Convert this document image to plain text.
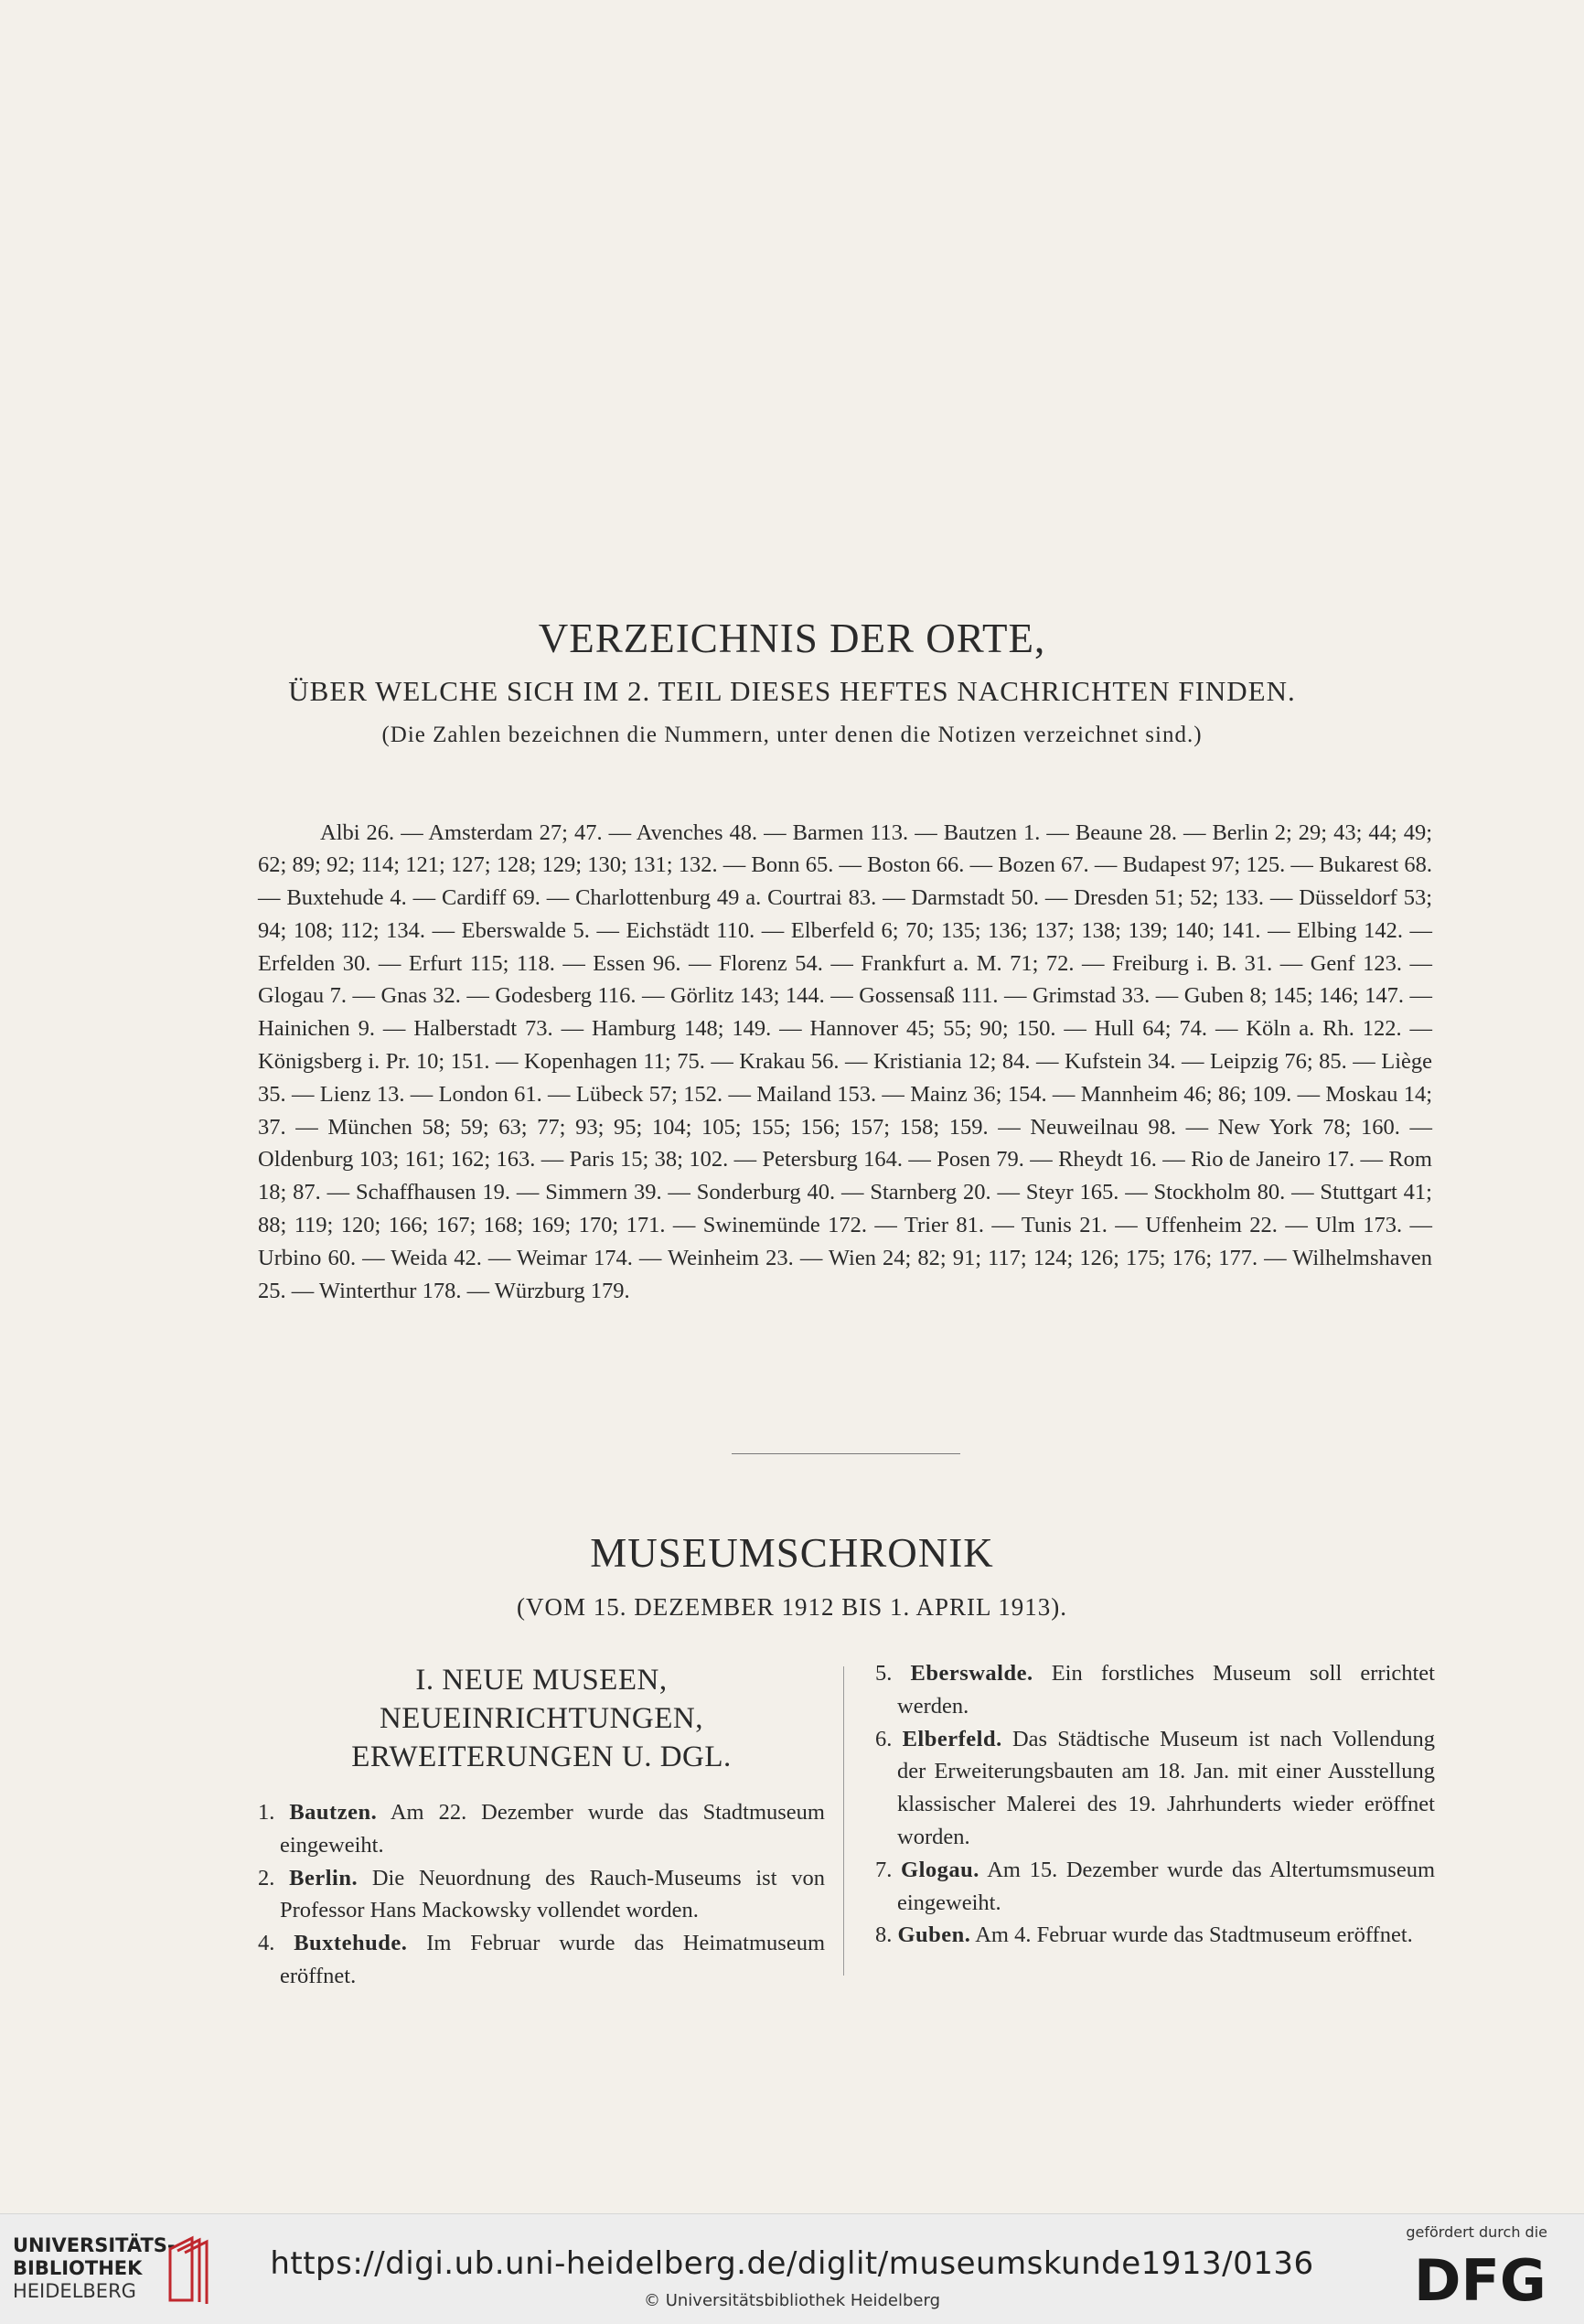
VERZEICHNIS DER ORTE,
ÜBER WELCHE SICH IM 2. TEIL DIESES HEFTES NACHRICHTEN FINDEN.
(Die Zahlen bezeichnen die Nummern, unter denen die Notizen verzeichnet sind.)

Albi 26. — Amsterdam 27; 47. — Avenches 48. — Barmen 113. — Bautzen 1. — Beaune 28. — Berlin 2; 29; 43; 44; 49; 62; 89; 92; 114; 121; 127; 128; 129; 130; 131; 132. — Bonn 65. — Boston 66. — Bozen 67. — Budapest 97; 125. — Bukarest 68. — Buxtehude 4. — Cardiff 69. — Charlottenburg 49 a. Courtrai 83. — Darmstadt 50. — Dresden 51; 52; 133. — Düsseldorf 53; 94; 108; 112; 134. — Eberswalde 5. — Eichstädt 110. — Elberfeld 6; 70; 135; 136; 137; 138; 139; 140; 141. — Elbing 142. — Erfelden 30. — Erfurt 115; 118. — Essen 96. — Florenz 54. — Frankfurt a. M. 71; 72. — Freiburg i. B. 31. — Genf 123. — Glogau 7. — Gnas 32. — Godesberg 116. — Görlitz 143; 144. — Gossensaß 111. — Grimstad 33. — Guben 8; 145; 146; 147. — Hainichen 9. — Halberstadt 73. — Hamburg 148; 149. — Hannover 45; 55; 90; 150. — Hull 64; 74. — Köln a. Rh. 122. — Königsberg i. Pr. 10; 151. — Kopenhagen 11; 75. — Krakau 56. — Kristiania 12; 84. — Kufstein 34. — Leipzig 76; 85. — Liège 35. — Lienz 13. — London 61. — Lübeck 57; 152. — Mailand 153. — Mainz 36; 154. — Mannheim 46; 86; 109. — Moskau 14; 37. — München 58; 59; 63; 77; 93; 95; 104; 105; 155; 156; 157; 158; 159. — Neuweilnau 98. — New York 78; 160. — Oldenburg 103; 161; 162; 163. — Paris 15; 38; 102. — Petersburg 164. — Posen 79. — Rheydt 16. — Rio de Janeiro 17. — Rom 18; 87. — Schaffhausen 19. — Simmern 39. — Sonderburg 40. — Starnberg 20. — Steyr 165. — Stockholm 80. — Stuttgart 41; 88; 119; 120; 166; 167; 168; 169; 170; 171. — Swinemünde 172. — Trier 81. — Tunis 21. — Uffenheim 22. — Ulm 173. — Urbino 60. — Weida 42. — Weimar 174. — Weinheim 23. — Wien 24; 82; 91; 117; 124; 126; 175; 176; 177. — Wilhelmshaven 25. — Winterthur 178. — Würzburg 179.

MUSEUMSCHRONIK
(VOM 15. DEZEMBER 1912 BIS 1. APRIL 1913).
I. NEUE MUSEEN, NEUEINRICHTUNGEN, ERWEITERUNGEN U. DGL.

1. Bautzen. Am 22. Dezember wurde das Stadtmuseum eingeweiht.

2. Berlin. Die Neuordnung des Rauch-Museums ist von Professor Hans Mackowsky vollendet worden.

4. Buxtehude. Im Februar wurde das Heimatmuseum eröffnet.

5. Eberswalde. Ein forstliches Museum soll errichtet werden.

6. Elberfeld. Das Städtische Museum ist nach Vollendung der Erweiterungsbauten am 18. Jan. mit einer Ausstellung klassischer Malerei des 19. Jahrhunderts wieder eröffnet worden.

7. Glogau. Am 15. Dezember wurde das Altertumsmuseum eingeweiht.

8. Guben. Am 4. Februar wurde das Stadtmuseum eröffnet.

UNIVERSITÄTS-
BIBLIOTHEK
HEIDELBERG
https://digi.ub.uni-heidelberg.de/diglit/museumskunde1913/0136
© Universitätsbibliothek Heidelberg
gefördert durch die
DFG
